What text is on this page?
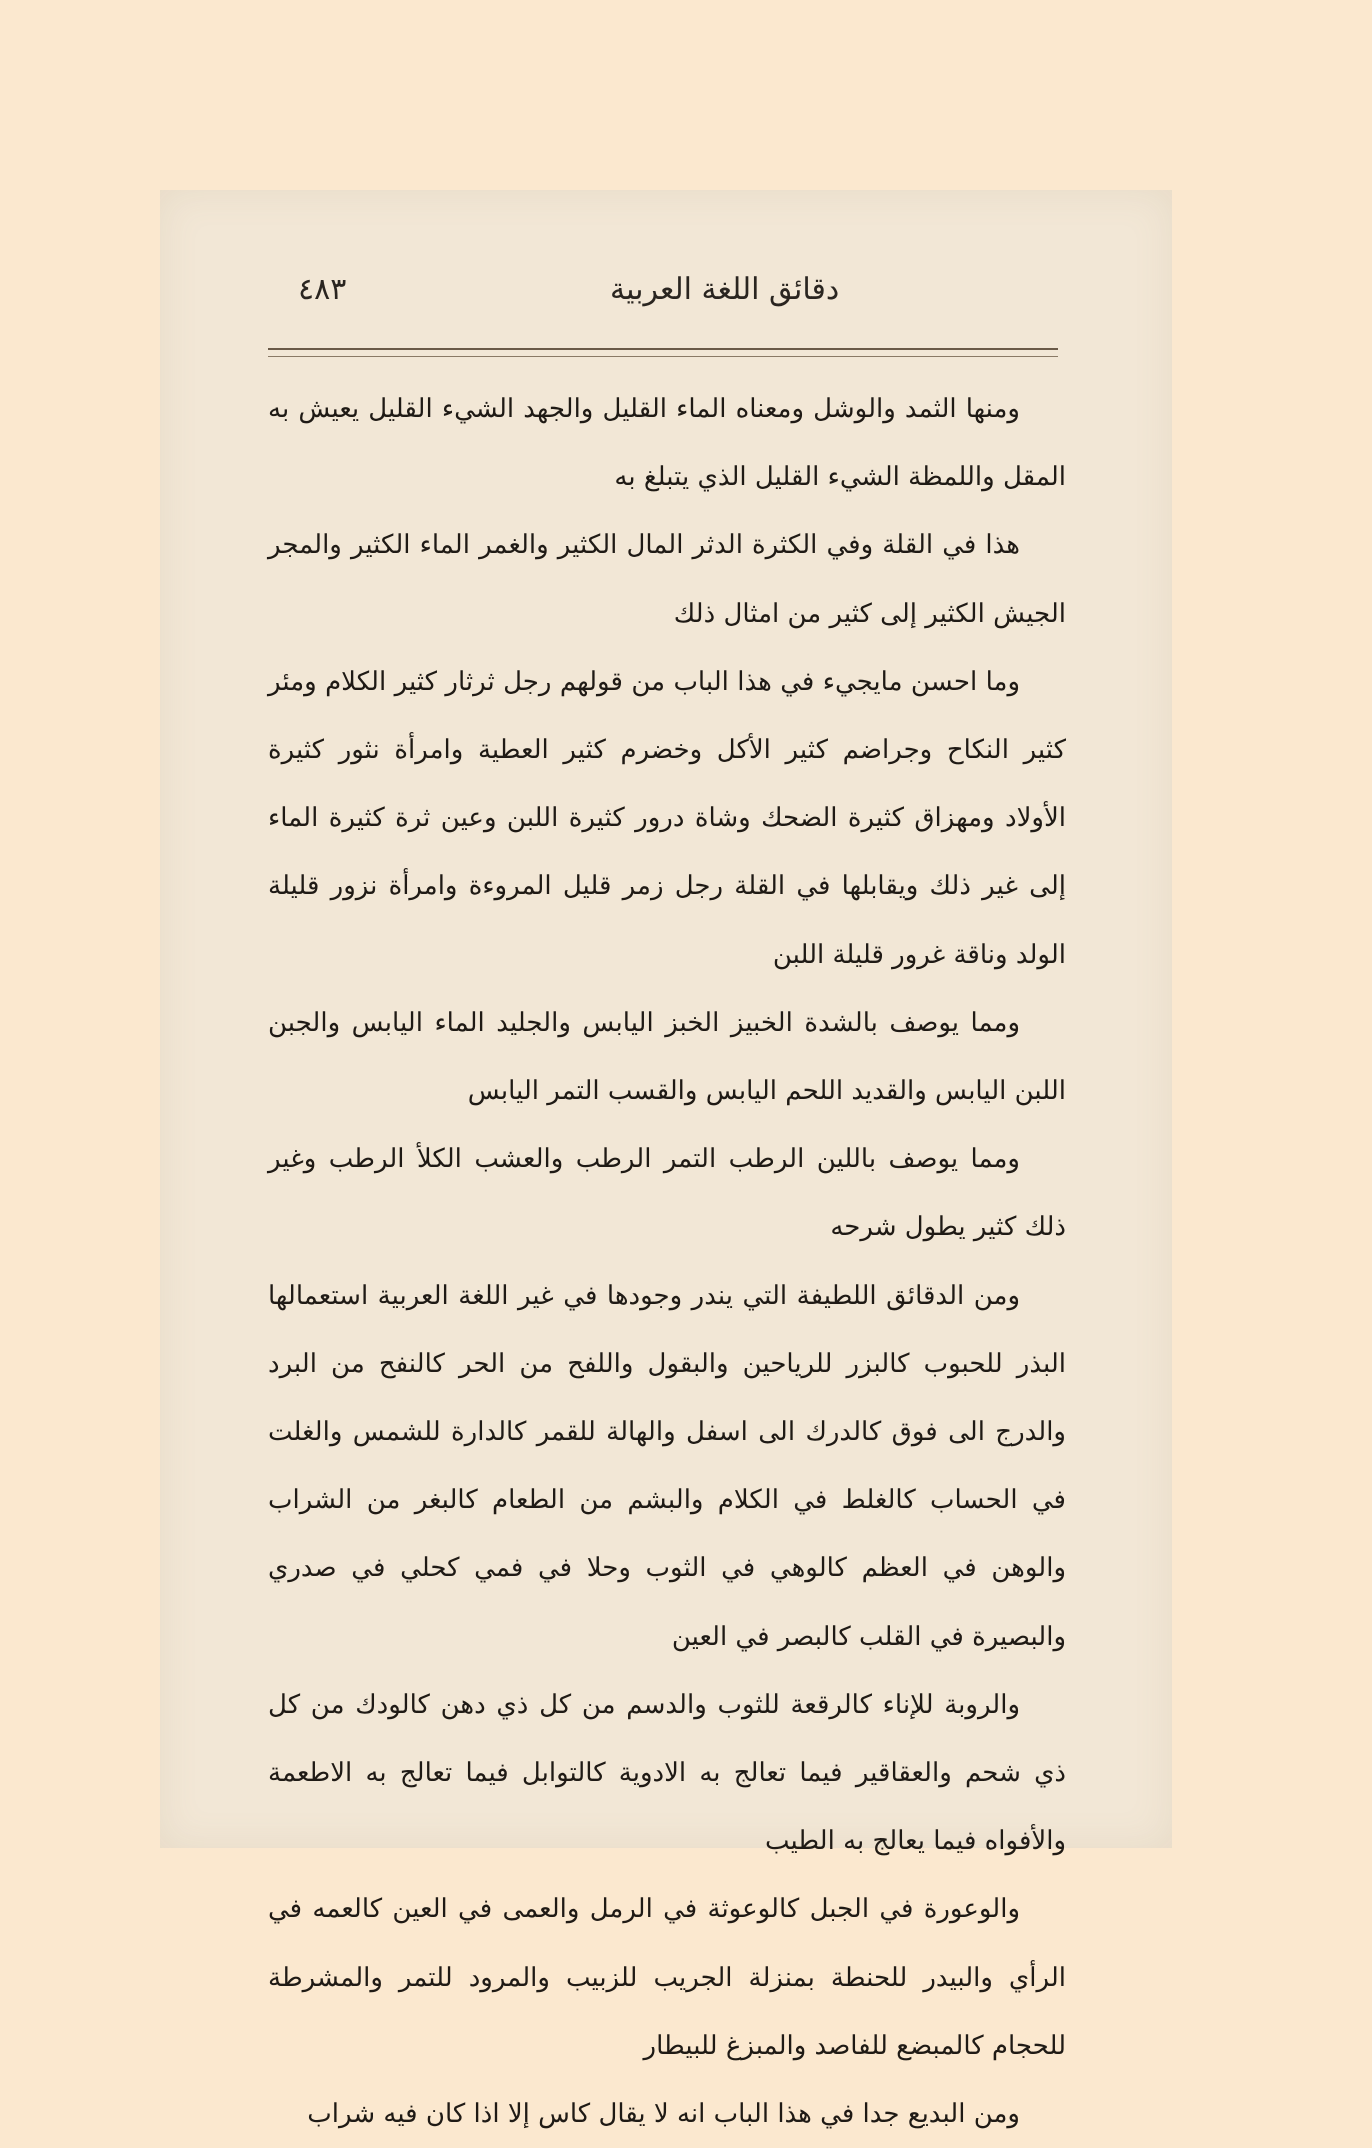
٤٨٣	دقائق اللغة العربية

ومنها الثمد والوشل ومعناه الماء القليل والجهد الشيء القليل يعيش به المقل واللمظة الشيء القليل الذي يتبلغ به

هذا في القلة وفي الكثرة الدثر المال الكثير والغمر الماء الكثير والمجر الجيش الكثير إلى كثير من امثال ذلك

وما احسن مايجيء في هذا الباب من قولهم رجل ثرثار كثير الكلام ومئر كثير النكاح وجراضم كثير الأكل وخضرم كثير العطية وامرأة نثور كثيرة الأولاد ومهزاق كثيرة الضحك وشاة درور كثيرة اللبن وعين ثرة كثيرة الماء إلى غير ذلك ويقابلها في القلة رجل زمر قليل المروءة وامرأة نزور قليلة الولد وناقة غرور قليلة اللبن

ومما يوصف بالشدة الخبيز الخبز اليابس والجليد الماء اليابس والجبن اللبن اليابس والقديد اللحم اليابس والقسب التمر اليابس

ومما يوصف باللين الرطب التمر الرطب والعشب الكلأ الرطب وغير ذلك كثير يطول شرحه

ومن الدقائق اللطيفة التي يندر وجودها في غير اللغة العربية استعمالها البذر للحبوب كالبزر للرياحين والبقول واللفح من الحر كالنفح من البرد والدرج الى فوق كالدرك الى اسفل والهالة للقمر كالدارة للشمس والغلت في الحساب كالغلط في الكلام والبشم من الطعام كالبغر من الشراب والوهن في العظم كالوهي في الثوب وحلا في فمي كحلي في صدري والبصيرة في القلب كالبصر في العين

والروبة للإناء كالرقعة للثوب والدسم من كل ذي دهن كالودك من كل ذي شحم والعقاقير فيما تعالج به الادوية كالتوابل فيما تعالج به الاطعمة والأفواه فيما يعالج به الطيب

والوعورة في الجبل كالوعوثة في الرمل والعمى في العين كالعمه في الرأي والبيدر للحنطة بمنزلة الجريب للزبيب والمرود للتمر والمشرطة للحجام كالمبضع للفاصد والمبزغ للبيطار

ومن البديع جدا في هذا الباب انه لا يقال كاس إلا اذا كان فيه شراب
